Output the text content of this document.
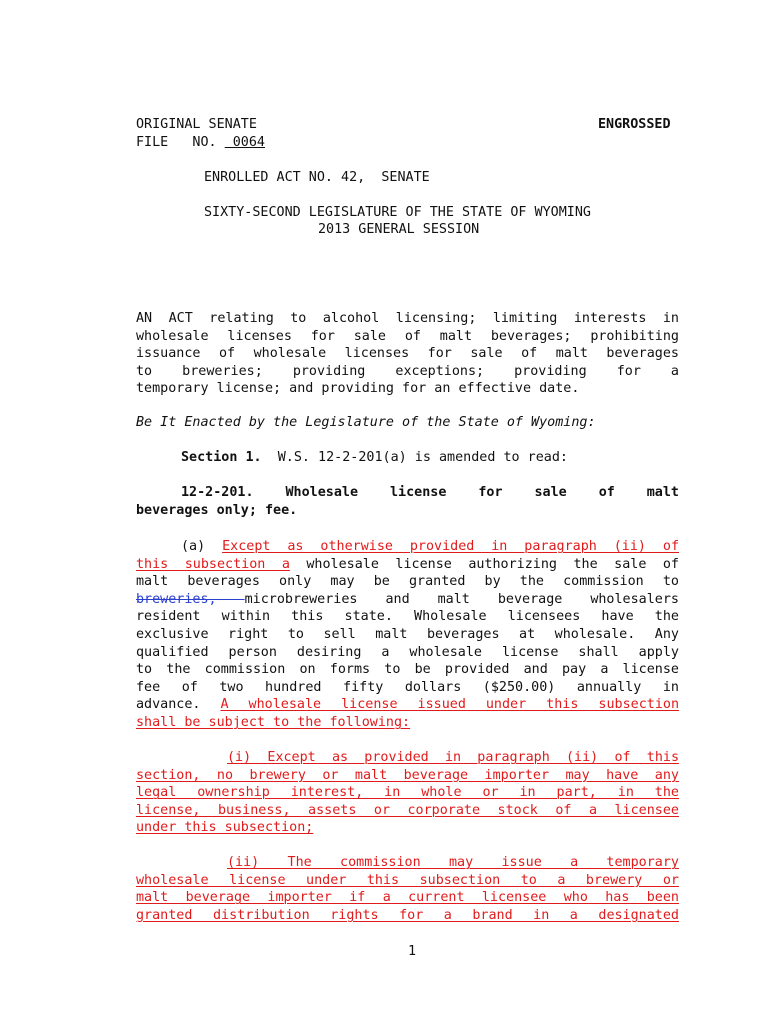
ORIGINAL SENATE	ENGROSSED
FILE   NO.  0064
ENROLLED ACT NO. 42,  SENATE
SIXTY-SECOND LEGISLATURE OF THE STATE OF WYOMING
2013 GENERAL SESSION
AN ACT relating to alcohol licensing; limiting interests in
wholesale licenses for sale of malt beverages; prohibiting
issuance of wholesale licenses for sale of malt beverages
to breweries; providing exceptions; providing for a
temporary license; and providing for an effective date.
Be It Enacted by the Legislature of the State of Wyoming:
Section 1. W.S. 12-2-201(a) is amended to read:
12-2-201. Wholesale license for sale of malt
beverages only; fee.
(a) Except as otherwise provided in paragraph (ii) of
this subsection a wholesale license authorizing the sale of
malt beverages only may be granted by the commission to
breweries, microbreweries and malt beverage wholesalers
resident within this state. Wholesale licensees have the
exclusive right to sell malt beverages at wholesale. Any
qualified person desiring a wholesale license shall apply
to the commission on forms to be provided and pay a license
fee of two hundred fifty dollars ($250.00) annually in
advance. A wholesale license issued under this subsection
shall be subject to the following:
(i) Except as provided in paragraph (ii) of this
section, no brewery or malt beverage importer may have any
legal ownership interest, in whole or in part, in the
license, business, assets or corporate stock of a licensee
under this subsection;
(ii) The commission may issue a temporary
wholesale license under this subsection to a brewery or
malt beverage importer if a current licensee who has been
granted distribution rights for a brand in a designated
1
